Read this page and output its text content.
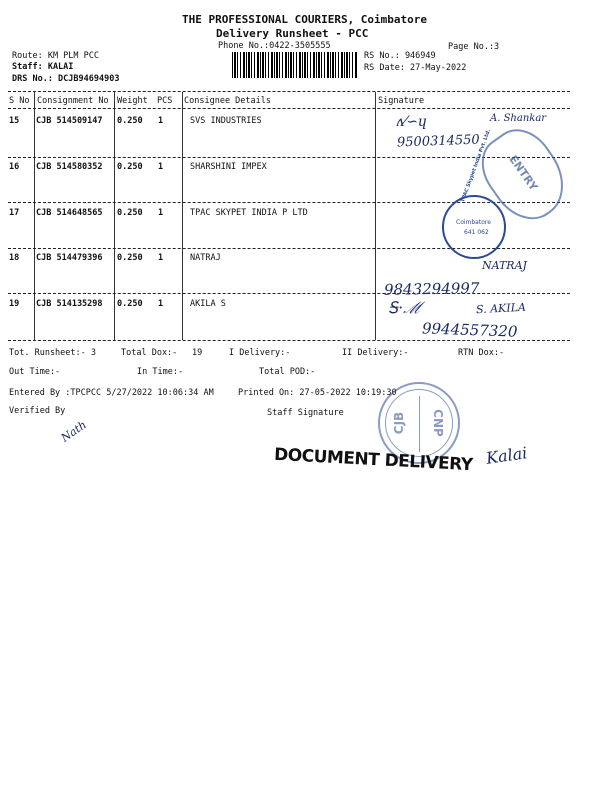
THE PROFESSIONAL COURIERS, Coimbatore
Delivery Runsheet - PCC
Phone No.:0422-3505555	Page No.:3
Route: KM PLM PCC
Staff: KALAI
DRS No.: DCJB94694903
RS No.: 946949
RS Date: 27-May-2022
S No Consignment No Weight PCS Consignee Details	Signature
15 CJB 514509147 0.250 1	SVS INDUSTRIES
16 CJB 514580352 0.250 1	SHARSHINI IMPEX
17 CJB 514648565 0.250 1	TPAC SKYPET INDIA P LTD
18 CJB 514479396 0.250 1	NATRAJ
19 CJB 514135298 0.250 1	AKILA S
Tot. Runsheet:- 3	Total Dox:- 19	I Delivery:-	II Delivery:-	RTN Dox:-
Out Time:-	In Time:-	Total POD:-
Entered By :TPCPCC 5/27/2022 10:06:34 AM	Printed On: 27-05-2022 10:19:30
Verified By	Staff Signature
ʌ⁄∽ɥ	A. Shankar
9500314550
NATRAJ
9843294997
Ꭶ·ℳ	S. AKILA
9944557320
Nath
Kalai
ENTRY
TPAC Skypet India Pvt. Ltd.
Coimbatore
641 062
CJB CNP
DOCUMENT DELIVERY
